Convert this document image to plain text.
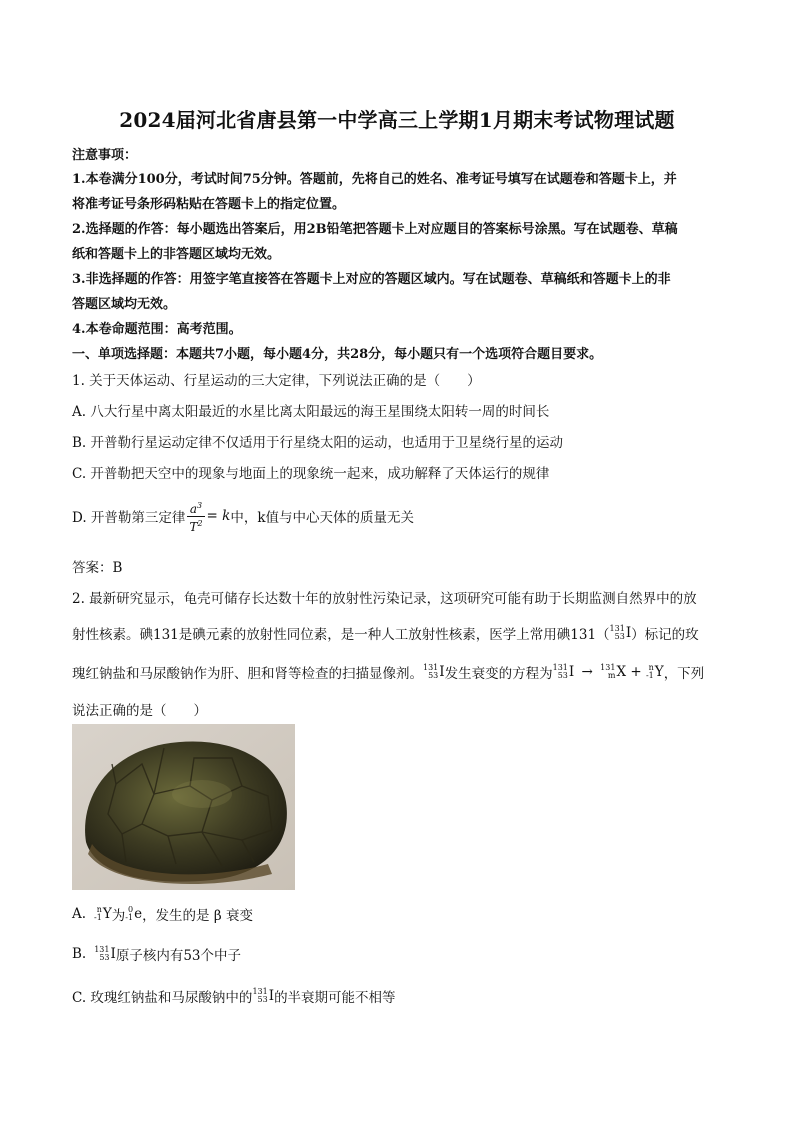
2024届河北省唐县第一中学高三上学期1月期末考试物理试题
注意事项：
1.本卷满分100分，考试时间75分钟。答题前，先将自己的姓名、准考证号填写在试题卷和答题卡上，并
将准考证号条形码粘贴在答题卡上的指定位置。
2.选择题的作答：每小题选出答案后，用2B铅笔把答题卡上对应题目的答案标号涂黑。写在试题卷、草稿
纸和答题卡上的非答题区域均无效。
3.非选择题的作答：用签字笔直接答在答题卡上对应的答题区域内。写在试题卷、草稿纸和答题卡上的非
答题区域均无效。
4.本卷命题范围：高考范围。
一、单项选择题：本题共7小题，每小题4分，共28分，每小题只有一个选项符合题目要求。
1. 关于天体运动、行星运动的三大定律，下列说法正确的是（　　）
A. 八大行星中离太阳最近的水星比离太阳最远的海王星围绕太阳转一周的时间长
B. 开普勒行星运动定律不仅适用于行星绕太阳的运动，也适用于卫星绕行星的运动
C. 开普勒把天空中的现象与地面上的现象统一起来，成功解释了天体运行的规律
D. 开普勒第三定律 $\frac{a^3}{T^2} = k$ 中，k值与中心天体的质量无关
答案：B
2. 最新研究显示，龟壳可储存长达数十年的放射性污染记录，这项研究可能有助于长期监测自然界中的放
射性核素。碘131是碘元素的放射性同位素，是一种人工放射性核素，医学上常用碘131（ 131
53 I ）标记的玫
瑰红钠盐和马尿酸钠作为肝、胆和肾等检查的扫描显像剂。 131
53 I 发生衰变的方程为 131
53 I → 131
m X + n
-1 Y ，下列
说法正确的是（　　）
A.	n
-1 Y 为 0
-1 e ，发生的是 β 衰变
B. 131
53 I 原子核内有53个中子
C. 玫瑰红钠盐和马尿酸钠中的 131
53 I 的半衰期可能不相等
